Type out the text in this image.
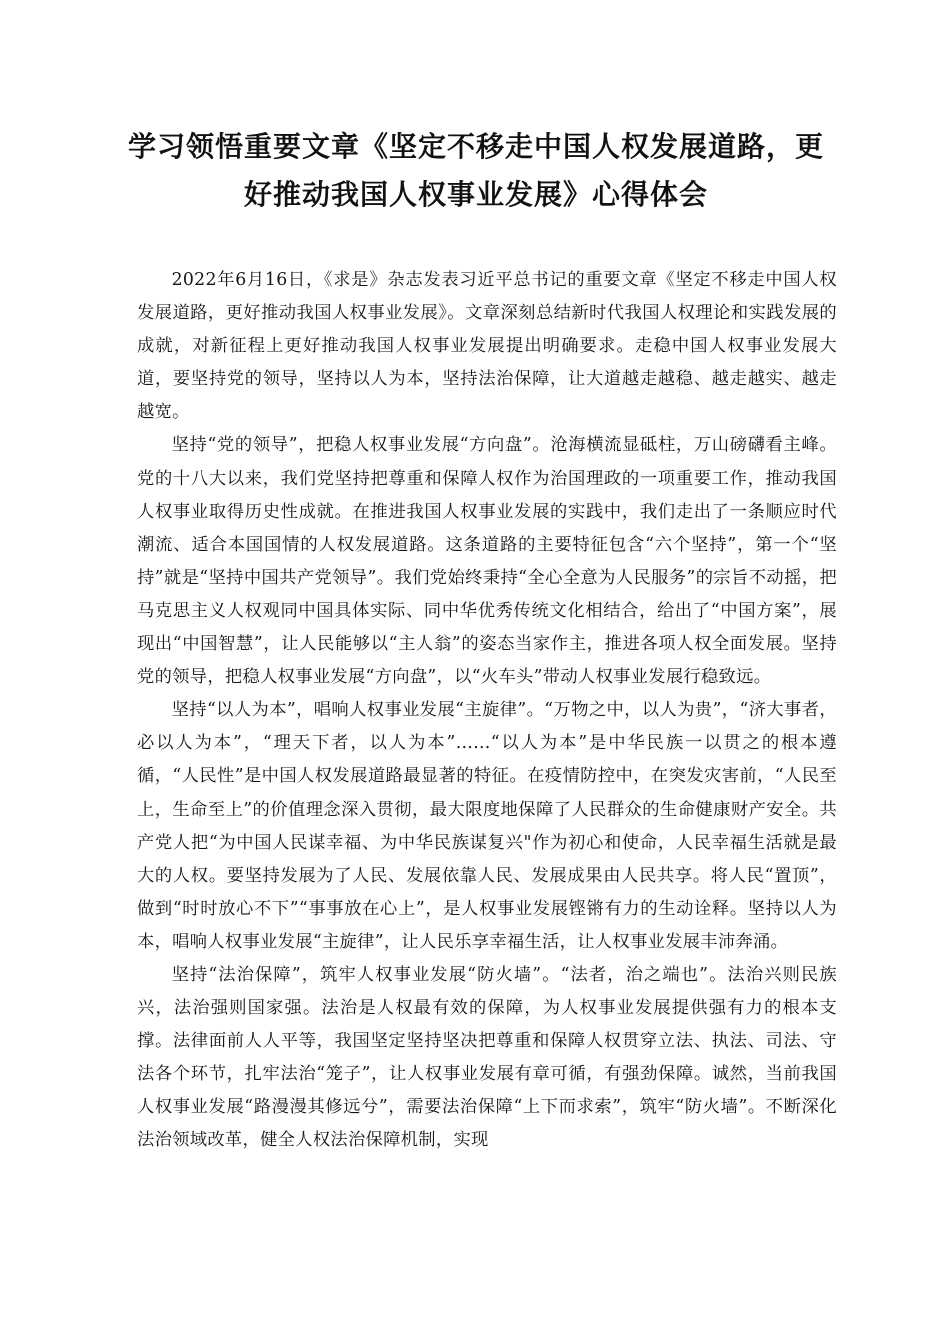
学习领悟重要文章《坚定不移走中国人权发展道路，更好推动我国人权事业发展》心得体会

2022年6月16日，《求是》杂志发表习近平总书记的重要文章《坚定不移走中国人权发展道路，更好推动我国人权事业发展》。文章深刻总结新时代我国人权理论和实践发展的成就，对新征程上更好推动我国人权事业发展提出明确要求。走稳中国人权事业发展大道，要坚持党的领导，坚持以人为本，坚持法治保障，让大道越走越稳、越走越实、越走越宽。

坚持“党的领导”，把稳人权事业发展“方向盘”。沧海横流显砥柱，万山磅礴看主峰。党的十八大以来，我们党坚持把尊重和保障人权作为治国理政的一项重要工作，推动我国人权事业取得历史性成就。在推进我国人权事业发展的实践中，我们走出了一条顺应时代潮流、适合本国国情的人权发展道路。这条道路的主要特征包含“六个坚持”，第一个“坚持”就是“坚持中国共产党领导”。我们党始终秉持“全心全意为人民服务”的宗旨不动摇，把马克思主义人权观同中国具体实际、同中华优秀传统文化相结合，给出了“中国方案”，展现出“中国智慧”，让人民能够以“主人翁”的姿态当家作主，推进各项人权全面发展。坚持党的领导，把稳人权事业发展“方向盘”，以“火车头”带动人权事业发展行稳致远。

坚持“以人为本”，唱响人权事业发展“主旋律”。“万物之中，以人为贵”，“济大事者，必以人为本”，“理天下者，以人为本”……“以人为本”是中华民族一以贯之的根本遵循，“人民性”是中国人权发展道路最显著的特征。在疫情防控中，在突发灾害前，“人民至上，生命至上”的价值理念深入贯彻，最大限度地保障了人民群众的生命健康财产安全。共产党人把“为中国人民谋幸福、为中华民族谋复兴"作为初心和使命，人民幸福生活就是最大的人权。要坚持发展为了人民、发展依靠人民、发展成果由人民共享。将人民“置顶”，做到“时时放心不下”“事事放在心上”，是人权事业发展铿锵有力的生动诠释。坚持以人为本，唱响人权事业发展“主旋律”，让人民乐享幸福生活，让人权事业发展丰沛奔涌。

坚持“法治保障”，筑牢人权事业发展“防火墙”。“法者，治之端也”。法治兴则民族兴，法治强则国家强。法治是人权最有效的保障，为人权事业发展提供强有力的根本支撑。法律面前人人平等，我国坚定坚持坚决把尊重和保障人权贯穿立法、执法、司法、守法各个环节，扎牢法治“笼子”，让人权事业发展有章可循，有强劲保障。诚然，当前我国人权事业发展“路漫漫其修远兮”，需要法治保障“上下而求索”，筑牢“防火墙”。不断深化法治领域改革，健全人权法治保障机制，实现
